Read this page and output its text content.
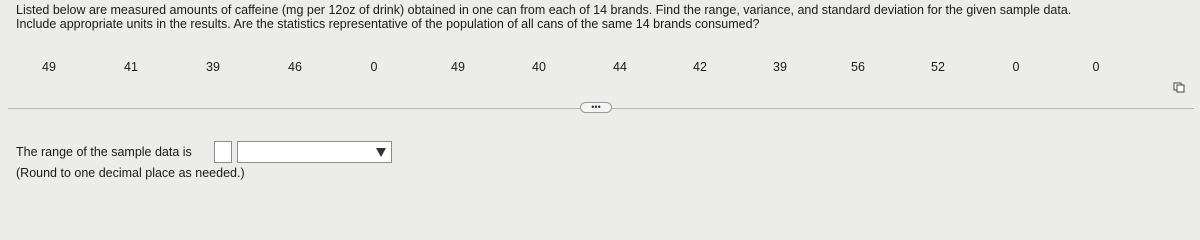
Listed below are measured amounts of caffeine (mg per 12oz of drink) obtained in one can from each of 14 brands. Find the range, variance, and standard deviation for the given sample data.
Include appropriate units in the results. Are the statistics representative of the population of all cans of the same 14 brands consumed?
49	41	39	46	0	49	40	44	42	39	56	52	0	0
•••
The range of the sample data is
(Round to one decimal place as needed.)
